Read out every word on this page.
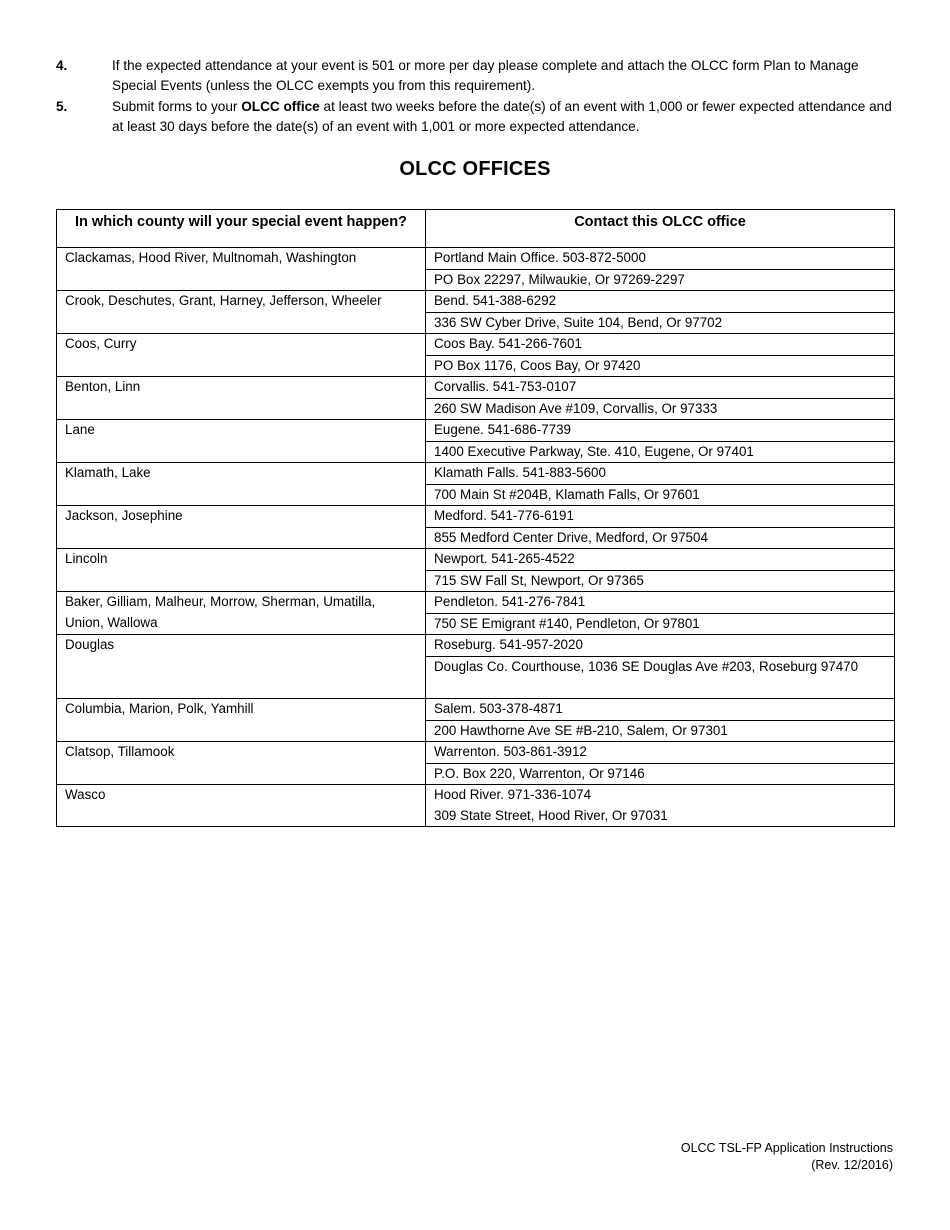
4.	If the expected attendance at your event is 501 or more per day please complete and attach the OLCC form Plan to Manage Special Events (unless the OLCC exempts you from this requirement).
5.	Submit forms to your OLCC office at least two weeks before the date(s) of an event with 1,000 or fewer expected attendance and at least 30 days before the date(s) of an event with 1,001 or more expected attendance.
OLCC OFFICES
In which county will your special event happen?	Contact this OLCC office
Clackamas, Hood River, Multnomah, Washington	Portland Main Office. 503-872-5000
PO Box 22297, Milwaukie, Or 97269-2297

Crook, Deschutes, Grant, Harney, Jefferson, Wheeler	Bend. 541-388-6292
336 SW Cyber Drive, Suite 104, Bend, Or 97702

Coos, Curry	Coos Bay. 541-266-7601
PO Box 1176, Coos Bay, Or 97420

Benton, Linn	Corvallis. 541-753-0107
260 SW Madison Ave #109, Corvallis, Or 97333

Lane	Eugene. 541-686-7739
1400 Executive Parkway, Ste. 410, Eugene, Or 97401

Klamath, Lake	Klamath Falls. 541-883-5600
700 Main St #204B, Klamath Falls, Or 97601

Jackson, Josephine	Medford. 541-776-6191
855 Medford Center Drive, Medford, Or 97504

Lincoln	Newport. 541-265-4522
715 SW Fall St, Newport, Or 97365

Baker, Gilliam, Malheur, Morrow, Sherman, Umatilla, Union, Wallowa	Pendleton. 541-276-7841
750 SE Emigrant #140, Pendleton, Or 97801

Douglas	Roseburg. 541-957-2020
Douglas Co. Courthouse, 1036 SE Douglas Ave #203, Roseburg 97470

Columbia, Marion, Polk, Yamhill	Salem. 503-378-4871
200 Hawthorne Ave SE #B-210, Salem, Or 97301

Clatsop, Tillamook	Warrenton. 503-861-3912
P.O. Box 220, Warrenton, Or 97146

Wasco	Hood River. 971-336-1074
309 State Street, Hood River, Or 97031
OLCC TSL-FP Application Instructions
(Rev. 12/2016)
